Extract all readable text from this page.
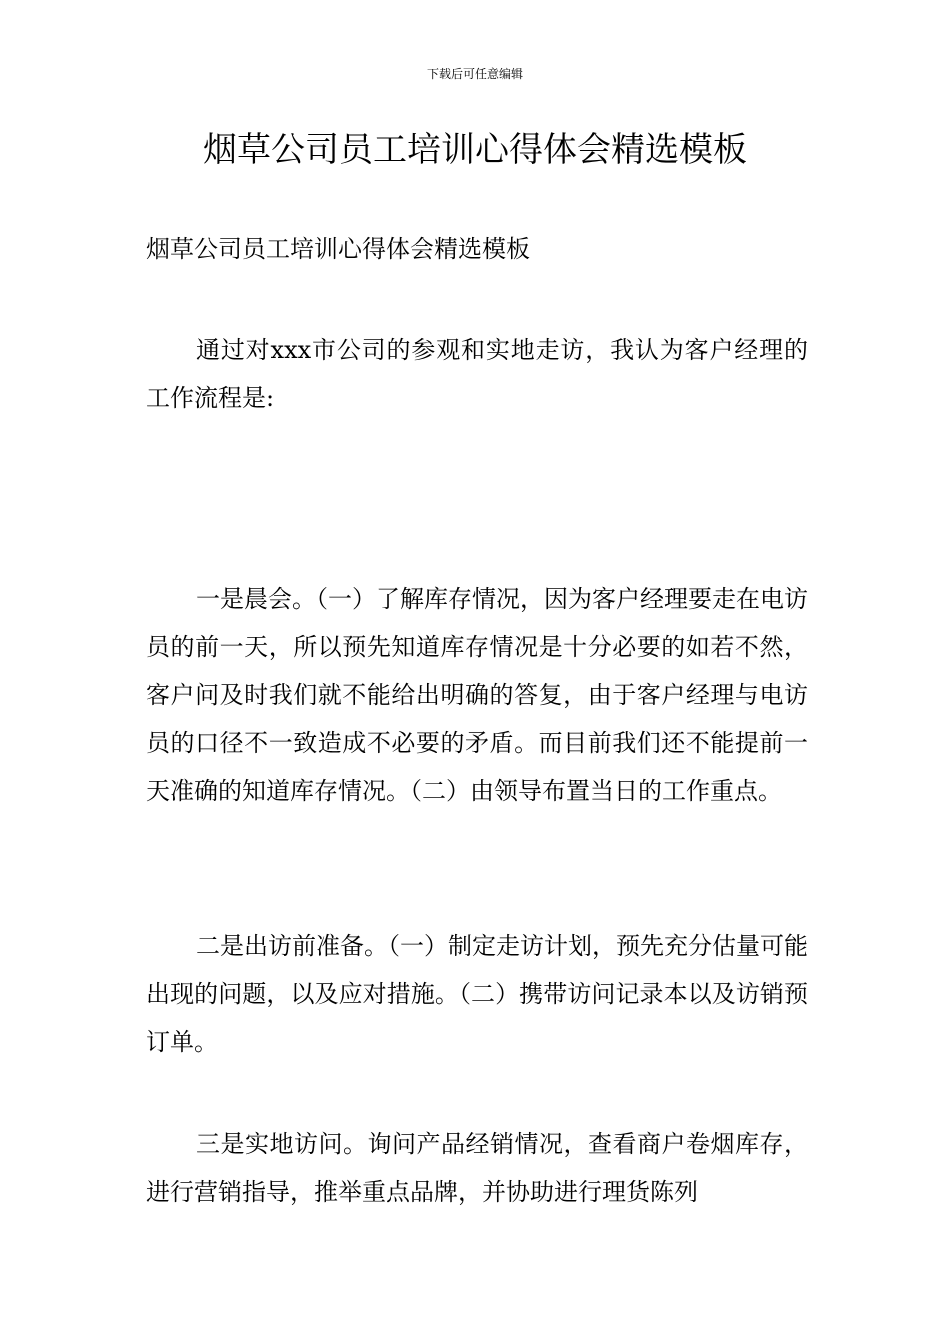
下载后可任意编辑
烟草公司员工培训心得体会精选模板
烟草公司员工培训心得体会精选模板

通过对xxx市公司的参观和实地走访，我认为客户经理的工作流程是:

一是晨会。（一）了解库存情况，因为客户经理要走在电访员的前一天，所以预先知道库存情况是十分必要的如若不然，客户问及时我们就不能给出明确的答复，由于客户经理与电访员的口径不一致造成不必要的矛盾。而目前我们还不能提前一天准确的知道库存情况。（二）由领导布置当日的工作重点。

二是出访前准备。（一）制定走访计划，预先充分估量可能出现的问题，以及应对措施。（二）携带访问记录本以及访销预订单。

三是实地访问。询问产品经销情况，查看商户卷烟库存，进行营销指导，推举重点品牌，并协助进行理货陈列
